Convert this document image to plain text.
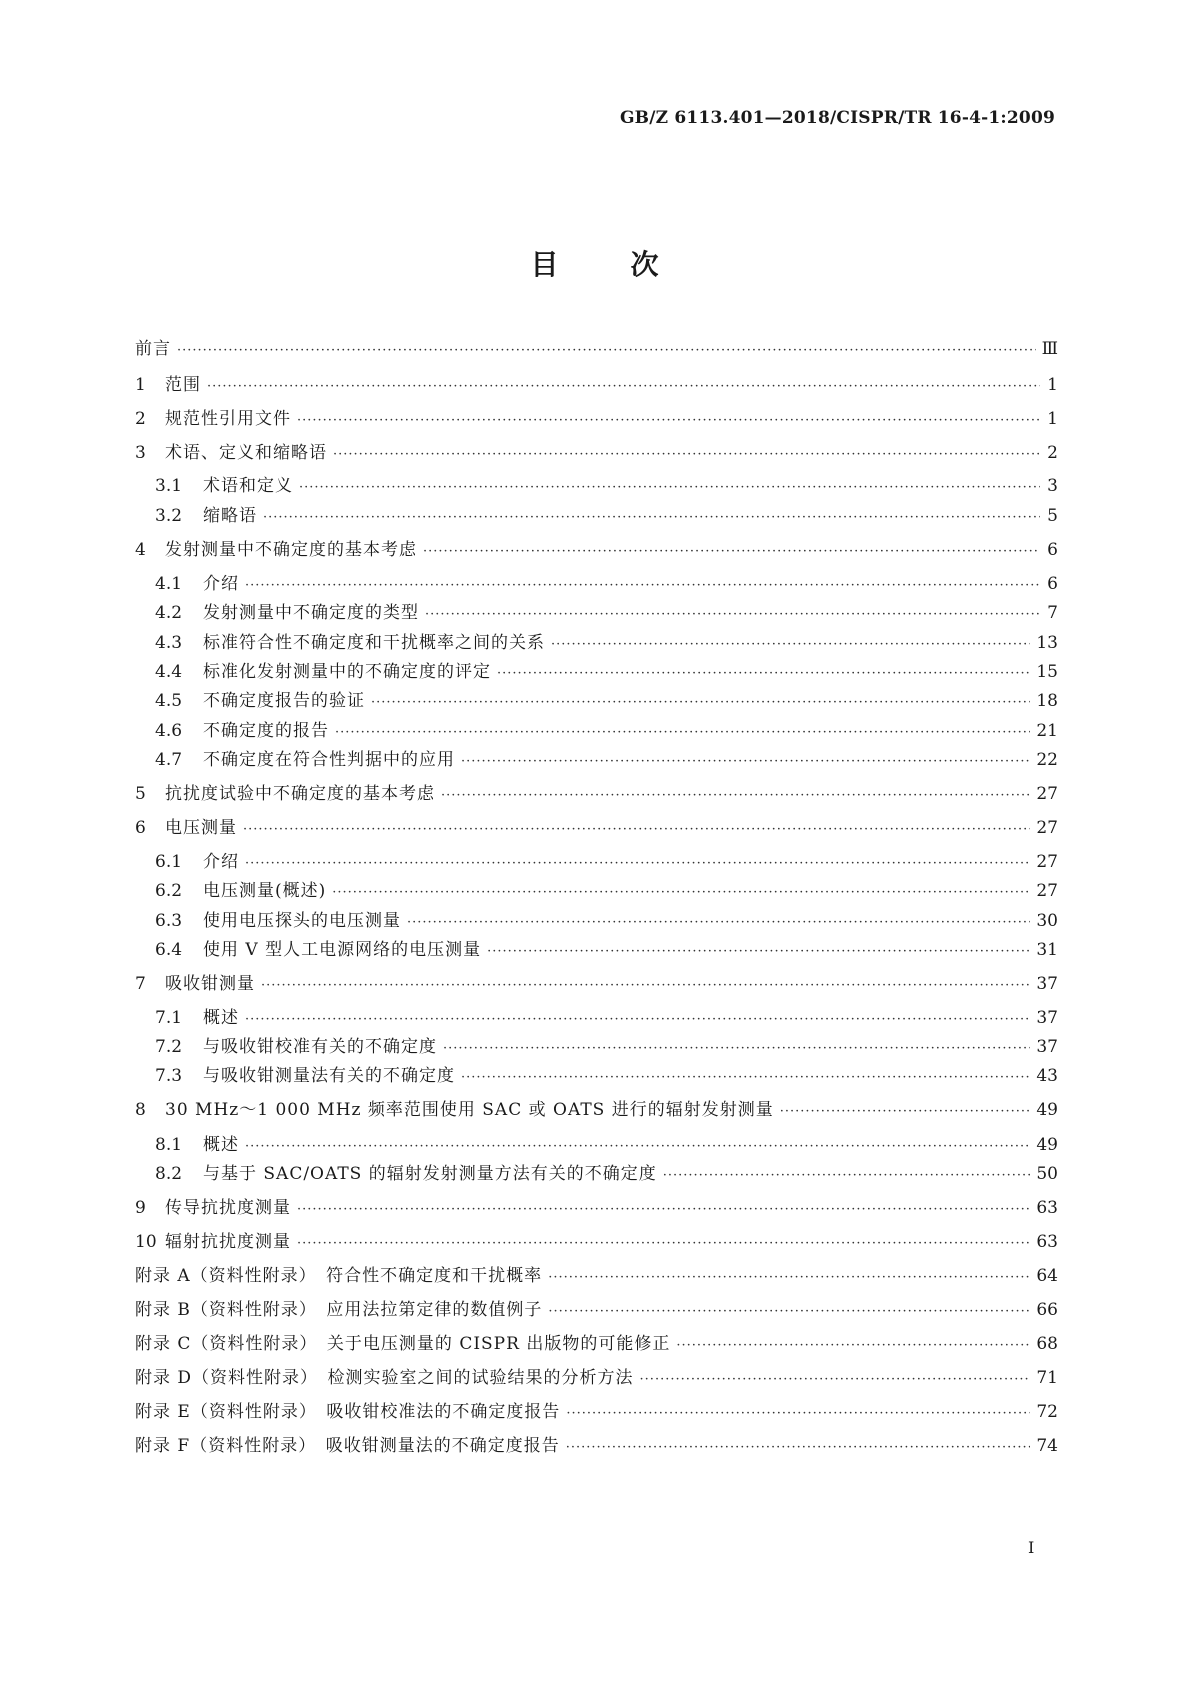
GB/Z 6113.401—2018/CISPR/TR 16-4-1:2009
目	次
前言 ·····	Ⅲ
1	范围 ·····	1
2	规范性引用文件 ·····	1
3	术语、定义和缩略语 ·····	2
3.1	术语和定义 ·····	3
3.2	缩略语 ·····	5
4	发射测量中不确定度的基本考虑 ·····	6
4.1	介绍 ·····	6
4.2	发射测量中不确定度的类型 ·····	7
4.3	标准符合性不确定度和干扰概率之间的关系 ·····	13
4.4	标准化发射测量中的不确定度的评定 ·····	15
4.5	不确定度报告的验证 ·····	18
4.6	不确定度的报告 ·····	21
4.7	不确定度在符合性判据中的应用 ·····	22
5	抗扰度试验中不确定度的基本考虑 ·····	27
6	电压测量 ·····	27
6.1	介绍 ·····	27
6.2	电压测量(概述) ·····	27
6.3	使用电压探头的电压测量 ·····	30
6.4	使用 V 型人工电源网络的电压测量 ·····	31
7	吸收钳测量 ·····	37
7.1	概述 ·····	37
7.2	与吸收钳校准有关的不确定度 ·····	37
7.3	与吸收钳测量法有关的不确定度 ·····	43
8	30 MHz～1 000 MHz 频率范围使用 SAC 或 OATS 进行的辐射发射测量 ·····	49
8.1	概述 ·····	49
8.2	与基于 SAC/OATS 的辐射发射测量方法有关的不确定度 ·····	50
9	传导抗扰度测量 ·····	63
10 辐射抗扰度测量 ·····	63
附录 A（资料性附录）　符合性不确定度和干扰概率 ·····	64
附录 B（资料性附录）　应用法拉第定律的数值例子 ·····	66
附录 C（资料性附录）　关于电压测量的 CISPR 出版物的可能修正 ·····	68
附录 D（资料性附录）　检测实验室之间的试验结果的分析方法 ·····	71
附录 E（资料性附录）　吸收钳校准法的不确定度报告 ·····	72
附录 F（资料性附录）　吸收钳测量法的不确定度报告 ·····	74
I
